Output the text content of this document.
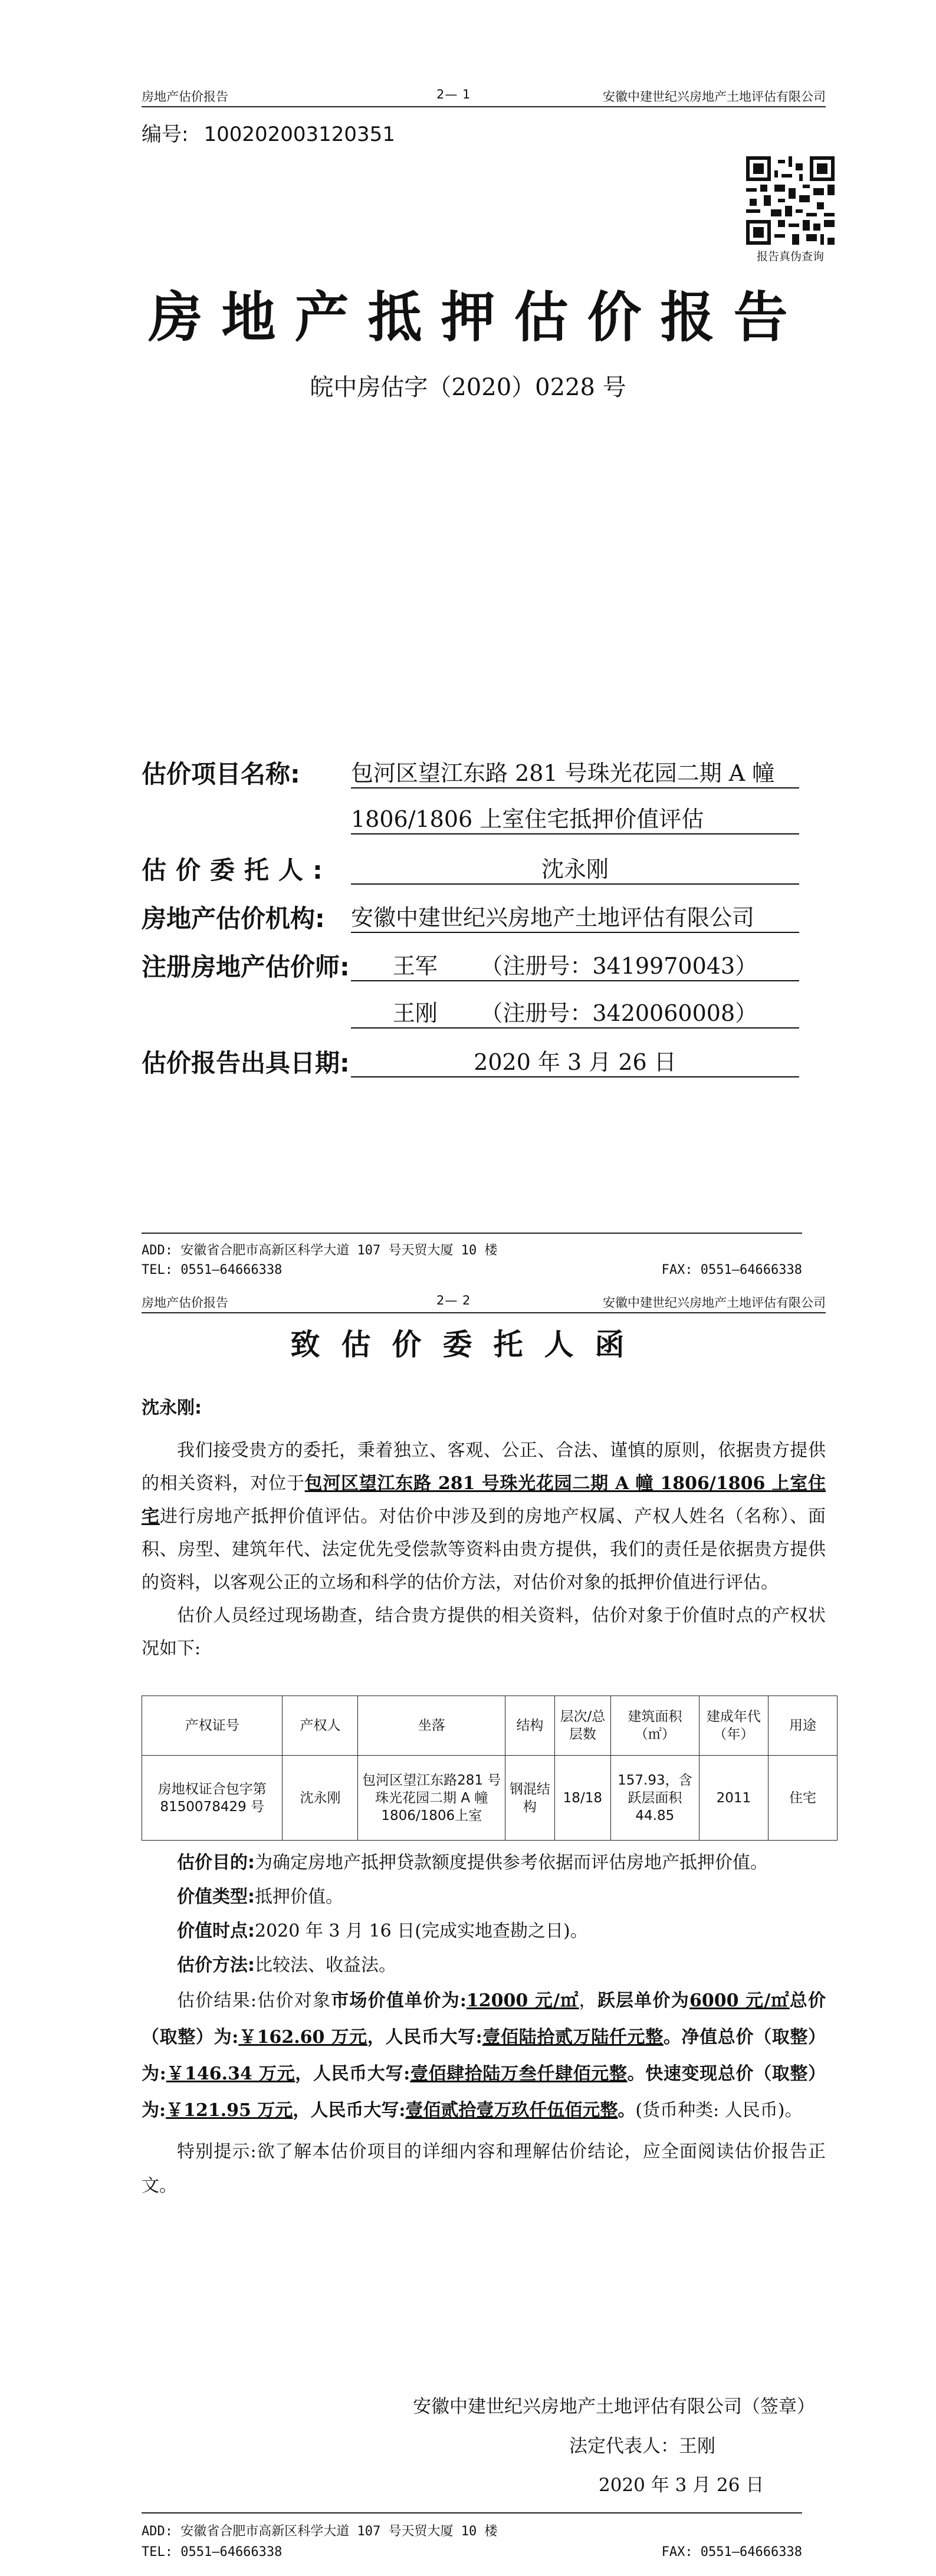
房地产估价报告	2— 1	安徽中建世纪兴房地产土地评估有限公司
编号: 100202003120351
报告真伪查询
房地产抵押估价报告
皖中房估字（2020）0228 号
估价项目名称: 包河区望江东路 281 号珠光花园二期 A 幢
1806/1806 上室住宅抵押价值评估
估价委托人:	沈永刚
房地产估价机构: 安徽中建世纪兴房地产土地评估有限公司
注册房地产估价师:	王军      （注册号：3419970043）
王刚      （注册号：3420060008）
估价报告出具日期:	2020 年 3 月 26 日
ADD: 安徽省合肥市高新区科学大道 107 号天贸大厦 10 楼
TEL: 0551—64666338	FAX: 0551—64666338
房地产估价报告	2— 2	安徽中建世纪兴房地产土地评估有限公司
致估价委托人函

沈永刚:

我们接受贵方的委托，秉着独立、客观、公正、合法、谨慎的原则，依据贵方提供的相关资料，对位于包河区望江东路 281 号珠光花园二期 A 幢 1806/1806 上室住宅进行房地产抵押价值评估。对估价中涉及到的房地产权属、产权人姓名（名称）、面积、房型、建筑年代、法定优先受偿款等资料由贵方提供，我们的责任是依据贵方提供的资料，以客观公正的立场和科学的估价方法，对估价对象的抵押价值进行评估。

估价人员经过现场勘查，结合贵方提供的相关资料，估价对象于价值时点的产权状况如下:

产权证号	产权人	坐落	结构	层次/总层数	建筑面积（㎡）	建成年代（年）	用途
房地权证合包字第8150078429 号	沈永刚	包河区望江东路281 号珠光花园二期 A 幢 1806/1806上室	钢混结构	18/18	157.93，含跃层面积 44.85	2011	住宅

估价目的:为确定房地产抵押贷款额度提供参考依据而评估房地产抵押价值。

价值类型:抵押价值。

价值时点:2020 年 3 月 16 日(完成实地查勘之日)。

估价方法:比较法、收益法。

估价结果:估价对象市场价值单价为:12000 元/㎡，跃层单价为6000 元/㎡总价（取整）为:￥162.60 万元，人民币大写:壹佰陆拾贰万陆仟元整。净值总价（取整）为:￥146.34 万元，人民币大写:壹佰肆拾陆万叁仟肆佰元整。快速变现总价（取整）为:￥121.95 万元，人民币大写:壹佰贰拾壹万玖仟伍佰元整。(货币种类: 人民币)。

特别提示:欲了解本估价项目的详细内容和理解估价结论，应全面阅读估价报告正文。

安徽中建世纪兴房地产土地评估有限公司（签章）
法定代表人：王刚
2020 年 3 月 26 日
ADD: 安徽省合肥市高新区科学大道 107 号天贸大厦 10 楼
TEL: 0551—64666338	FAX: 0551—64666338
